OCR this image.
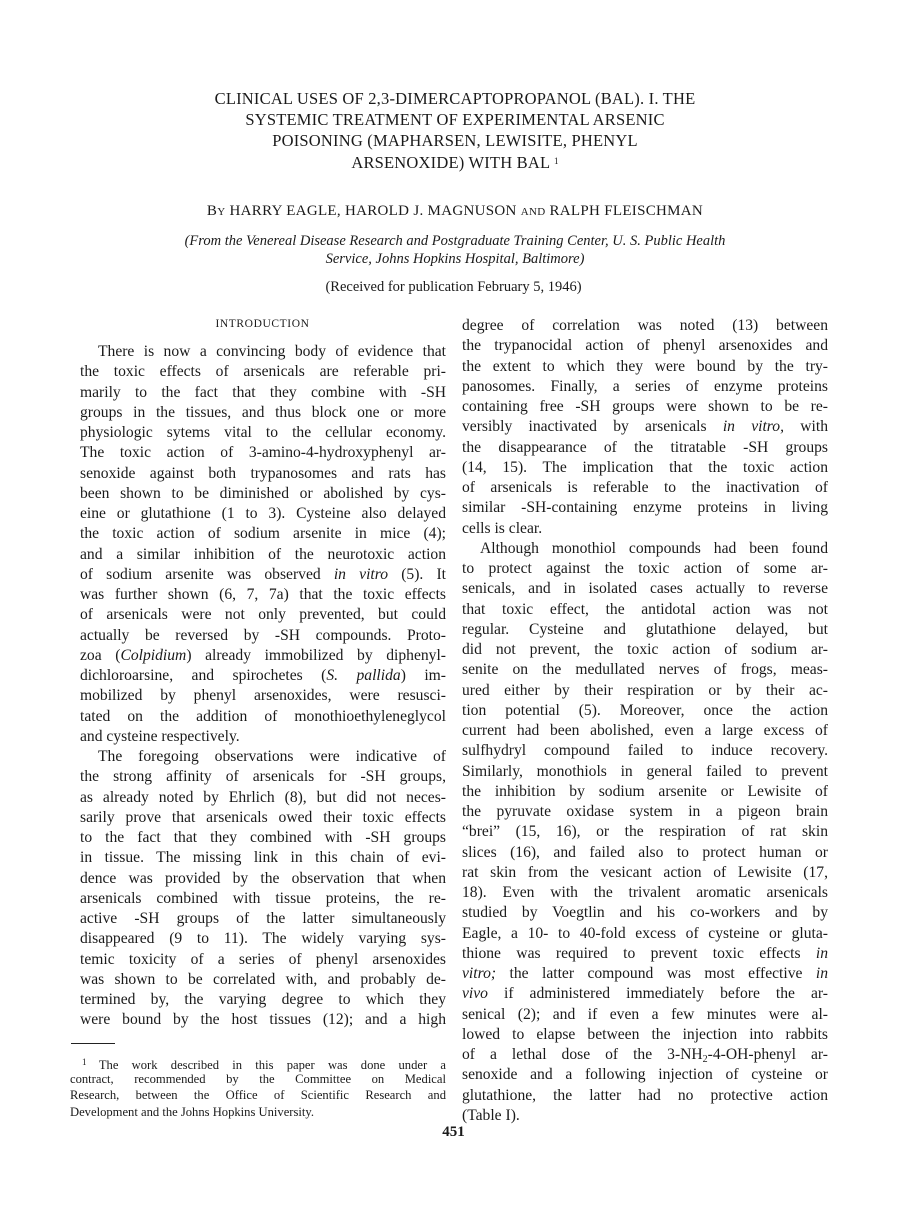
CLINICAL USES OF 2,3-DIMERCAPTOPROPANOL (BAL). I. THE
SYSTEMIC TREATMENT OF EXPERIMENTAL ARSENIC
POISONING (MAPHARSEN, LEWISITE, PHENYL
ARSENOXIDE) WITH BAL $^1$
By HARRY EAGLE, HAROLD J. MAGNUSON and RALPH FLEISCHMAN
(From the Venereal Disease Research and Postgraduate Training Center, U. S. Public Health
Service, Johns Hopkins Hospital, Baltimore)
(Received for publication February 5, 1946)
INTRODUCTION
There is now a convincing body of evidence that
the toxic effects of arsenicals are referable pri-
marily to the fact that they combine with -SH
groups in the tissues, and thus block one or more
physiologic sytems vital to the cellular economy.
The toxic action of 3-amino-4-hydroxyphenyl ar-
senoxide against both trypanosomes and rats has
been shown to be diminished or abolished by cys-
eine or glutathione (1 to 3). Cysteine also delayed
the toxic action of sodium arsenite in mice (4);
and a similar inhibition of the neurotoxic action
of sodium arsenite was observed in vitro (5). It
was further shown (6, 7, 7a) that the toxic effects
of arsenicals were not only prevented, but could
actually be reversed by -SH compounds. Proto-
zoa (Colpidium) already immobilized by diphenyl-
dichloroarsine, and spirochetes (S. pallida) im-
mobilized by phenyl arsenoxides, were resusci-
tated on the addition of monothioethyleneglycol
and cysteine respectively.
The foregoing observations were indicative of
the strong affinity of arsenicals for -SH groups,
as already noted by Ehrlich (8), but did not neces-
sarily prove that arsenicals owed their toxic effects
to the fact that they combined with -SH groups
in tissue. The missing link in this chain of evi-
dence was provided by the observation that when
arsenicals combined with tissue proteins, the re-
active -SH groups of the latter simultaneously
disappeared (9 to 11). The widely varying sys-
temic toxicity of a series of phenyl arsenoxides
was shown to be correlated with, and probably de-
termined by, the varying degree to which they
were bound by the host tissues (12); and a high
degree of correlation was noted (13) between
the trypanocidal action of phenyl arsenoxides and
the extent to which they were bound by the try-
panosomes. Finally, a series of enzyme proteins
containing free -SH groups were shown to be re-
versibly inactivated by arsenicals in vitro, with
the disappearance of the titratable -SH groups
(14, 15). The implication that the toxic action
of arsenicals is referable to the inactivation of
similar -SH-containing enzyme proteins in living
cells is clear.
Although monothiol compounds had been found
to protect against the toxic action of some ar-
senicals, and in isolated cases actually to reverse
that toxic effect, the antidotal action was not
regular. Cysteine and glutathione delayed, but
did not prevent, the toxic action of sodium ar-
senite on the medullated nerves of frogs, meas-
ured either by their respiration or by their ac-
tion potential (5). Moreover, once the action
current had been abolished, even a large excess of
sulfhydryl compound failed to induce recovery.
Similarly, monothiols in general failed to prevent
the inhibition by sodium arsenite or Lewisite of
the pyruvate oxidase system in a pigeon brain
“brei” (15, 16), or the respiration of rat skin
slices (16), and failed also to protect human or
rat skin from the vesicant action of Lewisite (17,
18). Even with the trivalent aromatic arsenicals
studied by Voegtlin and his co-workers and by
Eagle, a 10- to 40-fold excess of cysteine or gluta-
thione was required to prevent toxic effects in
vitro; the latter compound was most effective in
vivo if administered immediately before the ar-
senical (2); and if even a few minutes were al-
lowed to elapse between the injection into rabbits
of a lethal dose of the $3-NH_2-4-OH$-phenyl ar-
senoxide and a following injection of cysteine or
glutathione, the latter had no protective action
(Table I).
$^1$ The work described in this paper was done under a
contract, recommended by the Committee on Medical
Research, between the Office of Scientific Research and
Development and the Johns Hopkins University.
451
